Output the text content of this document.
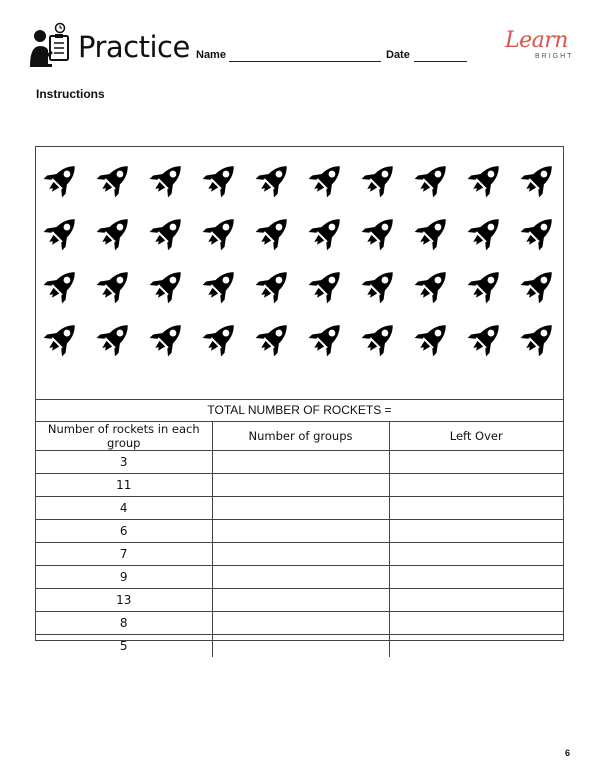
Practice Name	Date
Learn
BRIGHT
Instructions
TOTAL NUMBER OF ROCKETS =
Number of rockets in each group	Number of groups	Left Over
3		
11		
4		
6		
7		
9		
13		
8		
5		
6
